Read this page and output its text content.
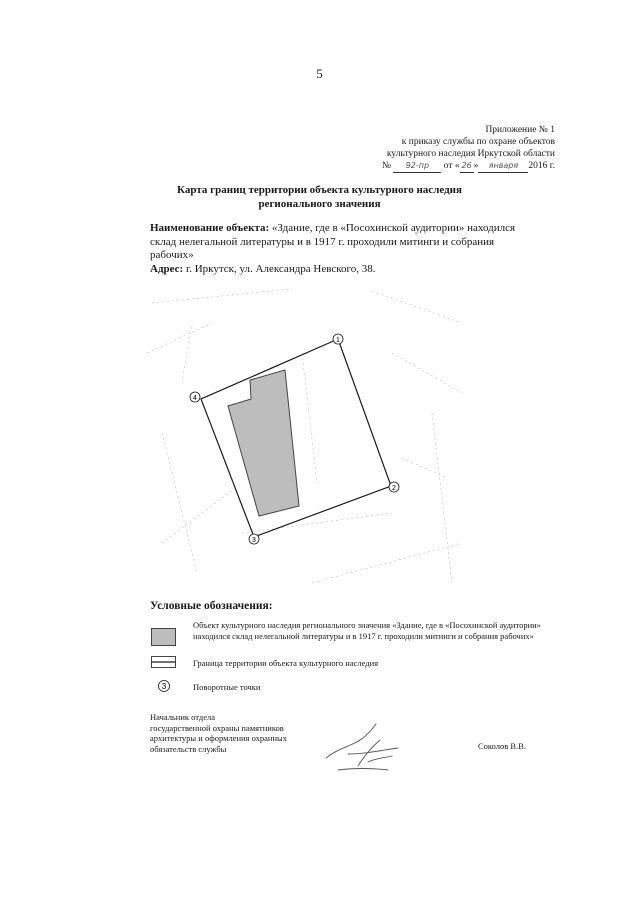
5
Приложение № 1
к приказу службы по охране объектов
культурного наследия Иркутской области
№ 92-пр от « 26 » января 2016 г.
Карта границ территории объекта культурного наследия
регионального значения
Наименование объекта: «Здание, где в «Посохинской аудитории» находился склад нелегальной литературы и в 1917 г. проходили митинги и собрания рабочих»
Адрес: г. Иркутск, ул. Александра Невского, 38.
1
2
3
4
Условные обозначения:
Объект культурного наследия регионального значения «Здание, где в «Посохинской аудитории» находился склад нелегальной литературы и в 1917 г. проходили митинги и собрания рабочих»
Граница территории объекта культурного наследия
3	Поворотные точки
Начальник отдела
государственной охраны памятников
архитектуры и оформления охранных
обязательств службы	Соколов В.В.
